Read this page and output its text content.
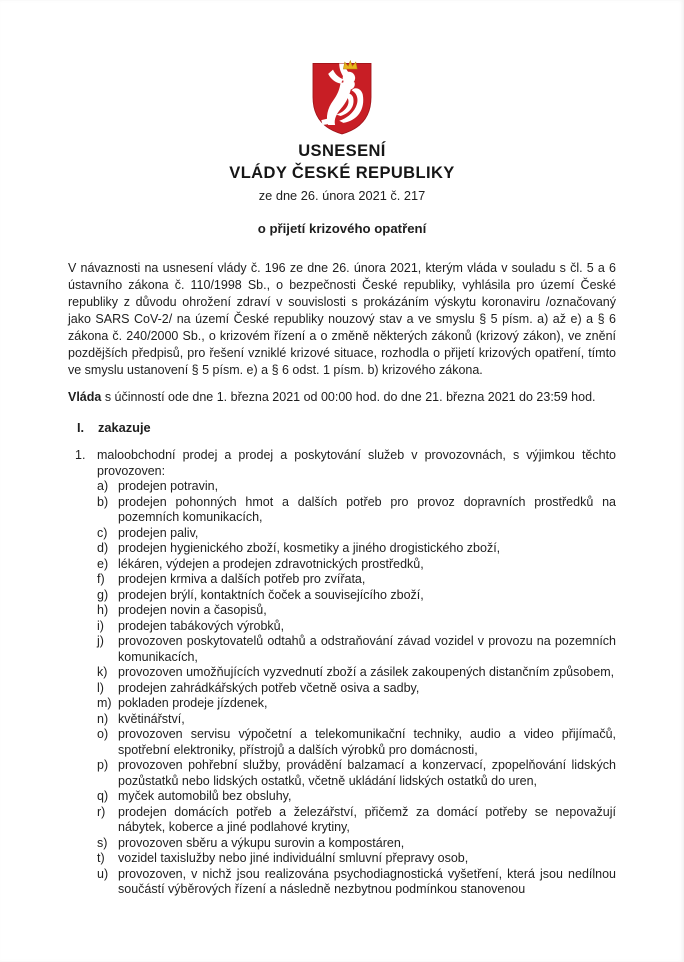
USNESENÍ
VLÁDY ČESKÉ REPUBLIKY
ze dne 26. února 2021 č. 217
o přijetí krizového opatření

V návaznosti na usnesení vlády č. 196 ze dne 26. února 2021, kterým vláda v souladu s čl. 5 a 6 ústavního zákona č. 110/1998 Sb., o bezpečnosti České republiky, vyhlásila pro území České republiky z důvodu ohrožení zdraví v souvislosti s prokázáním výskytu koronaviru /označovaný jako SARS CoV-2/ na území České republiky nouzový stav a ve smyslu § 5 písm. a) až e) a § 6 zákona č. 240/2000 Sb., o krizovém řízení a o změně některých zákonů (krizový zákon), ve znění pozdějších předpisů, pro řešení vzniklé krizové situace, rozhodla o přijetí krizových opatření, tímto ve smyslu ustanovení § 5 písm. e) a § 6 odst. 1 písm. b) krizového zákona.

Vláda s účinností ode dne 1. března 2021 od 00:00 hod. do dne 21. března 2021 do 23:59 hod.

I. zakazuje
1. maloobchodní prodej a prodej a poskytování služeb v provozovnách, s výjimkou těchto provozoven:
a) prodejen potravin,
b) prodejen pohonných hmot a dalších potřeb pro provoz dopravních prostředků na pozemních komunikacích,
c) prodejen paliv,
d) prodejen hygienického zboží, kosmetiky a jiného drogistického zboží,
e) lékáren, výdejen a prodejen zdravotnických prostředků,
f) prodejen krmiva a dalších potřeb pro zvířata,
g) prodejen brýlí, kontaktních čoček a souvisejícího zboží,
h) prodejen novin a časopisů,
i) prodejen tabákových výrobků,
j) provozoven poskytovatelů odtahů a odstraňování závad vozidel v provozu na pozemních komunikacích,
k) provozoven umožňujících vyzvednutí zboží a zásilek zakoupených distančním způsobem,
l) prodejen zahrádkářských potřeb včetně osiva a sadby,
m) pokladen prodeje jízdenek,
n) květinářství,
o) provozoven servisu výpočetní a telekomunikační techniky, audio a video přijímačů, spotřební elektroniky, přístrojů a dalších výrobků pro domácnosti,
p) provozoven pohřební služby, provádění balzamací a konzervací, zpopelňování lidských pozůstatků nebo lidských ostatků, včetně ukládání lidských ostatků do uren,
q) myček automobilů bez obsluhy,
r) prodejen domácích potřeb a železářství, přičemž za domácí potřeby se nepovažují nábytek, koberce a jiné podlahové krytiny,
s) provozoven sběru a výkupu surovin a kompostáren,
t) vozidel taxislužby nebo jiné individuální smluvní přepravy osob,
u) provozoven, v nichž jsou realizována psychodiagnostická vyšetření, která jsou nedílnou součástí výběrových řízení a následně nezbytnou podmínkou stanovenou
